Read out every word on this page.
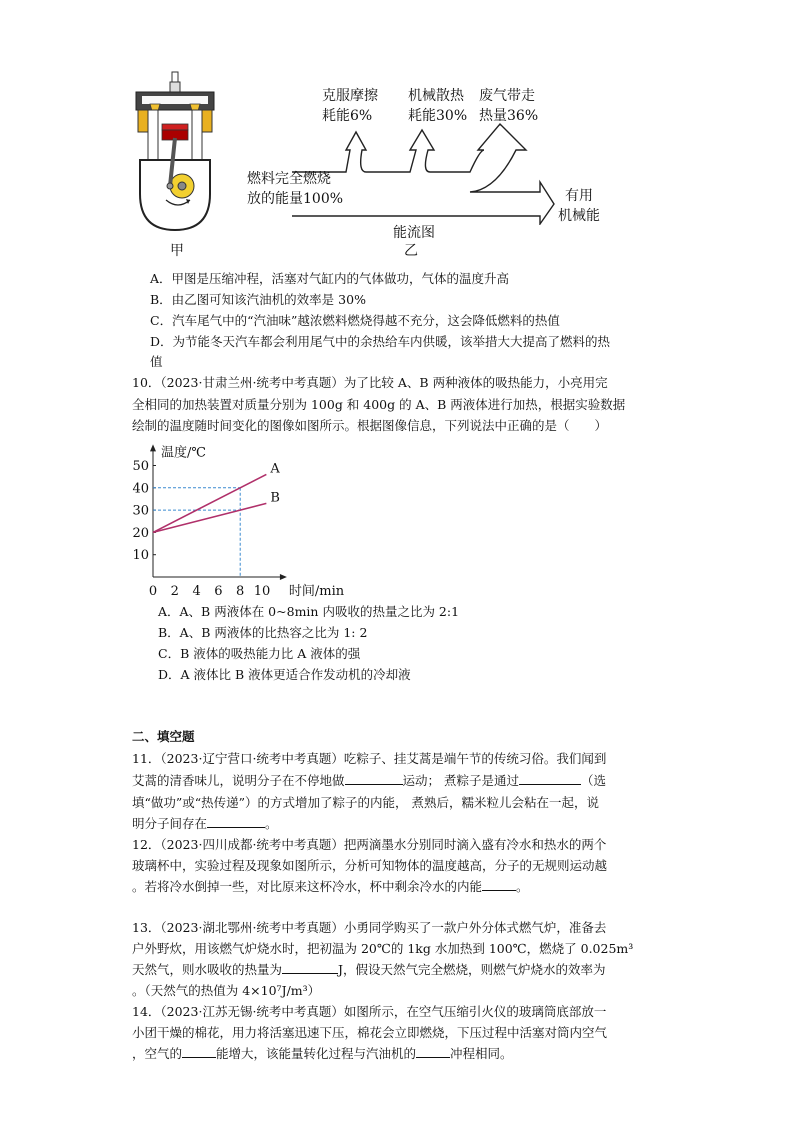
甲
克服摩擦
耗能6%
机械散热
耗能30%
废气带走
热量36%
燃料完全燃烧
放的能量100%	有用
机械能
能流图
乙
A．甲图是压缩冲程，活塞对气缸内的气体做功，气体的温度升高
B．由乙图可知该汽油机的效率是 30%
C．汽车尾气中的“汽油味”越浓燃料燃烧得越不充分，这会降低燃料的热值
D．为节能冬天汽车都会利用尾气中的余热给车内供暖，该举措大大提高了燃料的热
值
10．（2023·甘肃兰州·统考中考真题）为了比较 A、B 两种液体的吸热能力，小亮用完
全相同的加热装置对质量分别为 100g 和 400g 的 A、B 两液体进行加热，根据实验数据
绘制的温度随时间变化的图像如图所示。根据图像信息，下列说法中正确的是（　　）
0 2 4 6 8 10
10
20
30
40
50
温度/℃
时间/min
A
B
A．A、B 两液体在 0~8min 内吸收的热量之比为 2:1
B．A、B 两液体的比热容之比为 1: 2
C．B 液体的吸热能力比 A 液体的强
D．A 液体比 B 液体更适合作发动机的冷却液
二、填空题
11．（2023·辽宁营口·统考中考真题）吃粽子、挂艾蒿是端午节的传统习俗。我们闻到
艾蒿的清香味儿，说明分子在不停地做	运动； 煮粽子是通过	（选
填“做功”或“热传递”）的方式增加了粽子的内能， 煮熟后，糯米粒儿会粘在一起，说
明分子间存在	。
12．（2023·四川成都·统考中考真题）把两滴墨水分别同时滴入盛有冷水和热水的两个
玻璃杯中，实验过程及现象如图所示，分析可知物体的温度越高，分子的无规则运动越
。若将冷水倒掉一些，对比原来这杯冷水，杯中剩余冷水的内能	。
13．（2023·湖北鄂州·统考中考真题）小勇同学购买了一款户外分体式燃气炉，准备去
户外野炊，用该燃气炉烧水时，把初温为 20℃的 1kg 水加热到 100℃，燃烧了 0.025m³
天然气，则水吸收的热量为	J，假设天然气完全燃烧，则燃气炉烧水的效率为
。（天然气的热值为 4×10⁷J/m³）
14．（2023·江苏无锡·统考中考真题）如图所示，在空气压缩引火仪的玻璃筒底部放一
小团干燥的棉花，用力将活塞迅速下压，棉花会立即燃烧，下压过程中活塞对筒内空气
，空气的	能增大，该能量转化过程与汽油机的	冲程相同。
